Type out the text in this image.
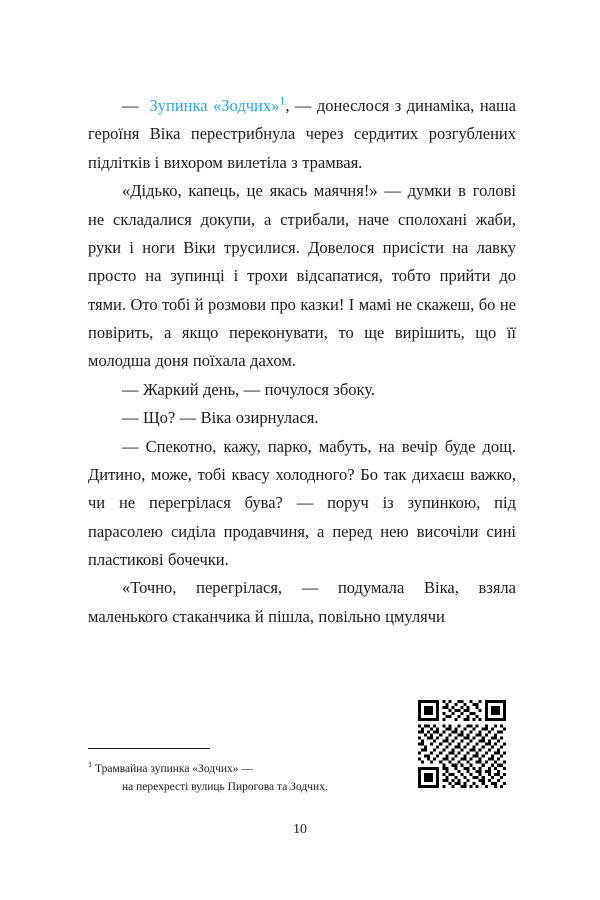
— Зупинка «Зодчих»$^1$, — донеслося з динаміка, наша героїня Віка перестрибнула через сердитих розгублених підлітків і вихором вилетіла з трамвая.

«Дідько, капець, це якась маячня!» — думки в голові не складалися докупи, а стрибали, наче сполохані жаби, руки і ноги Віки трусилися. Довелося присісти на лавку просто на зупинці і трохи відсапатися, тобто прийти до тями. Ото тобі й розмови про казки! І мамі не скажеш, бо не повірить, а якщо переконувати, то ще вирішить, що її молодша доня поїхала дахом.

— Жаркий день, — почулося збоку.

— Що? — Віка озирнулася.

— Спекотно, кажу, парко, мабуть, на вечір буде дощ. Дитино, може, тобі квасу холодного? Бо так дихаєш важко, чи не перегрілася бува? — поруч із зупинкою, під парасолею сиділа продавчиня, а перед нею височіли сині пластикові бочечки.

«Точно, перегрілася, — подумала Віка, взяла маленького стаканчика й пішла, повільно цмулячи

$^1$ Трамвайна зупинка «Зодчих» —

на перехресті вулиць Пирогова та Зодчих.

10
